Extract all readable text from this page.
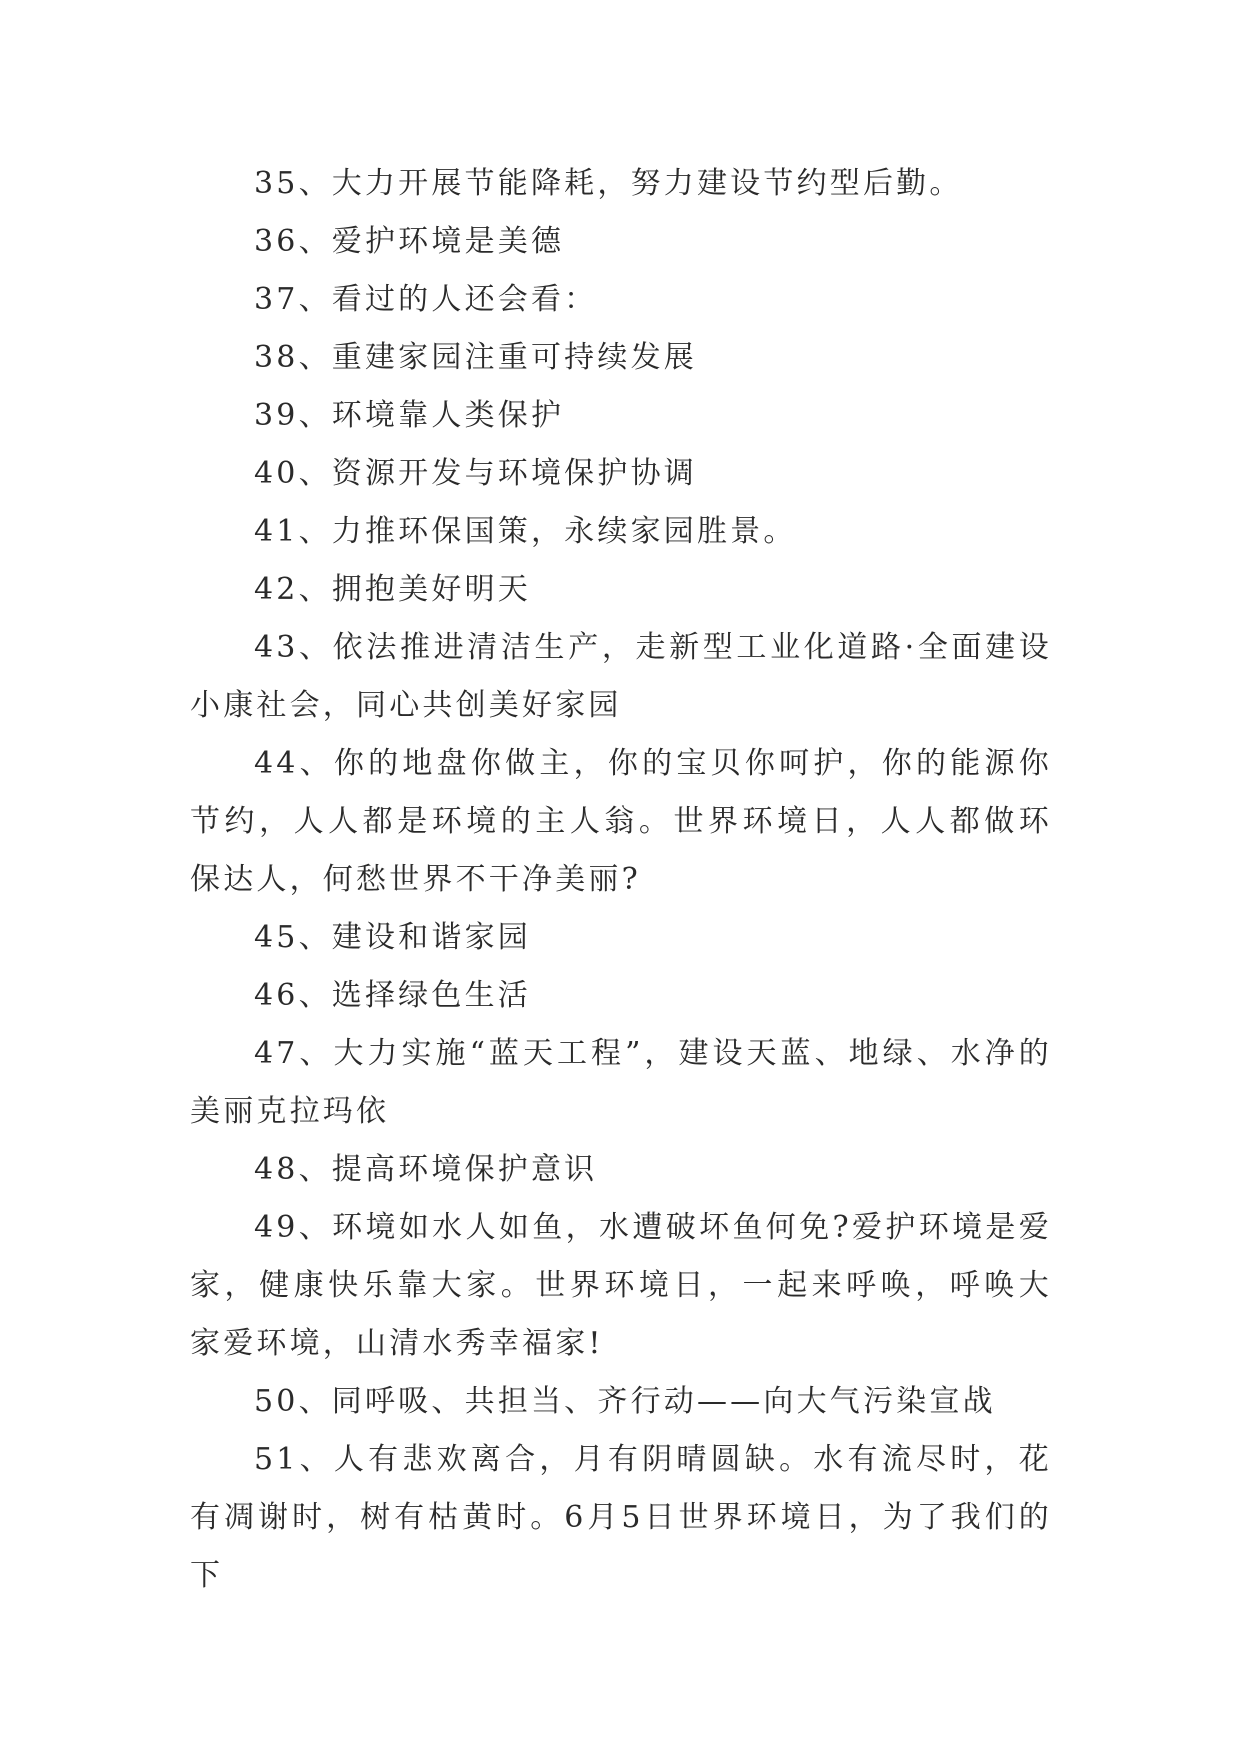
35、大力开展节能降耗，努力建设节约型后勤。

36、爱护环境是美德

37、看过的人还会看：

38、重建家园注重可持续发展

39、环境靠人类保护

40、资源开发与环境保护协调

41、力推环保国策，永续家园胜景。

42、拥抱美好明天

43、依法推进清洁生产，走新型工业化道路·全面建设小康社会，同心共创美好家园

44、你的地盘你做主，你的宝贝你呵护，你的能源你节约，人人都是环境的主人翁。世界环境日，人人都做环保达人，何愁世界不干净美丽?

45、建设和谐家园

46、选择绿色生活

47、大力实施“蓝天工程”，建设天蓝、地绿、水净的美丽克拉玛依

48、提高环境保护意识

49、环境如水人如鱼，水遭破坏鱼何免?爱护环境是爱家，健康快乐靠大家。世界环境日，一起来呼唤，呼唤大家爱环境，山清水秀幸福家!

50、同呼吸、共担当、齐行动——向大气污染宣战

51、人有悲欢离合，月有阴晴圆缺。水有流尽时，花有凋谢时，树有枯黄时。6月5日世界环境日，为了我们的下
